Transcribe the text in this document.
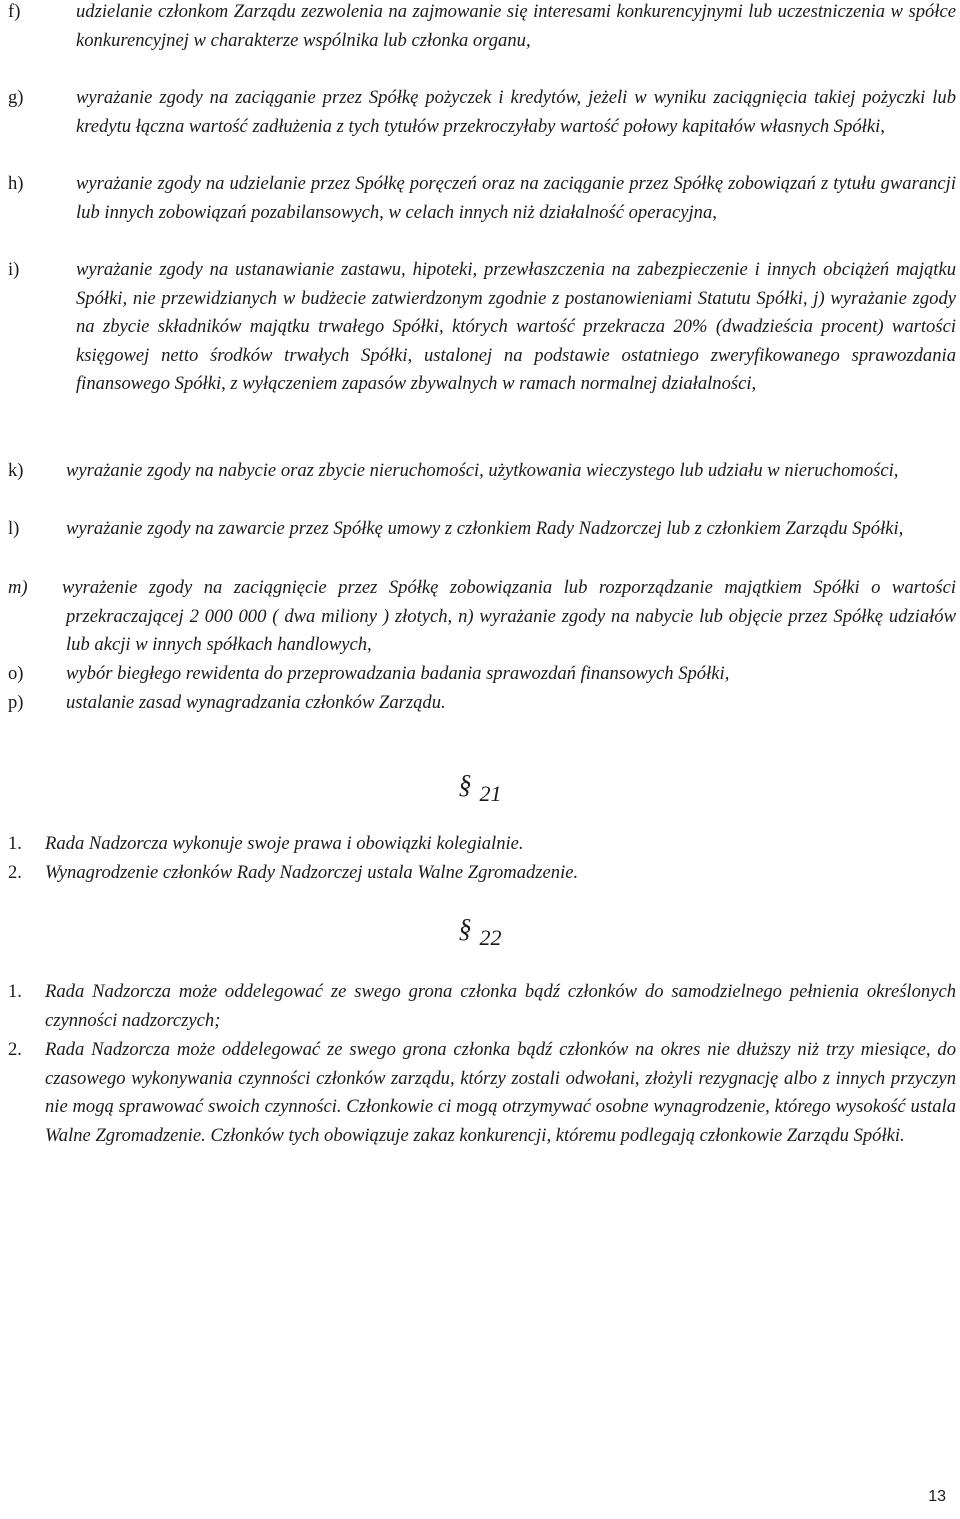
f)	udzielanie członkom Zarządu zezwolenia na zajmowanie się interesami konkurencyjnymi lub uczestniczenia w spółce konkurencyjnej w charakterze wspólnika lub członka organu,
g)	wyrażanie zgody na zaciąganie przez Spółkę pożyczek i kredytów, jeżeli w wyniku zaciągnięcia takiej pożyczki lub kredytu łączna wartość zadłużenia z tych tytułów przekroczyłaby wartość połowy kapitałów własnych Spółki,
h)	wyrażanie zgody na udzielanie przez Spółkę poręczeń oraz na zaciąganie przez Spółkę zobowiązań z tytułu gwarancji lub innych zobowiązań pozabilansowych, w celach innych niż działalność operacyjna,
i)	wyrażanie zgody na ustanawianie zastawu, hipoteki, przewłaszczenia na zabezpieczenie i innych obciążeń majątku Spółki, nie przewidzianych w budżecie zatwierdzonym zgodnie z postanowieniami Statutu Spółki, j) wyrażanie zgody na zbycie składników majątku trwałego Spółki, których wartość przekracza 20% (dwadzieścia procent) wartości księgowej netto środków trwałych Spółki, ustalonej na podstawie ostatniego zweryfikowanego sprawozdania finansowego Spółki, z wyłączeniem zapasów zbywalnych w ramach normalnej działalności,
k) wyrażanie zgody na nabycie oraz zbycie nieruchomości, użytkowania wieczystego lub udziału w nieruchomości,
l)	wyrażanie zgody na zawarcie przez Spółkę umowy z członkiem Rady Nadzorczej lub z członkiem Zarządu Spółki,
m) wyrażenie zgody na zaciągnięcie przez Spółkę zobowiązania lub rozporządzanie majątkiem Spółki o wartości przekraczającej 2 000 000 ( dwa miliony ) złotych, n) wyrażanie zgody na nabycie lub objęcie przez Spółkę udziałów lub akcji w innych spółkach handlowych,
o) wybór biegłego rewidenta do przeprowadzania badania sprawozdań finansowych Spółki,
p) ustalanie zasad wynagradzania członków Zarządu.
§ 21
1. Rada Nadzorcza wykonuje swoje prawa i obowiązki kolegialnie.
2. Wynagrodzenie członków Rady Nadzorczej ustala Walne Zgromadzenie.
§ 22
1. Rada Nadzorcza może oddelegować ze swego grona członka bądź członków do samodzielnego pełnienia określonych czynności nadzorczych;
2. Rada Nadzorcza może oddelegować ze swego grona członka bądź członków na okres nie dłuższy niż trzy miesiące, do czasowego wykonywania czynności członków zarządu, którzy zostali odwołani, złożyli rezygnację albo z innych przyczyn nie mogą sprawować swoich czynności. Członkowie ci mogą otrzymywać osobne wynagrodzenie, którego wysokość ustala Walne Zgromadzenie. Członków tych obowiązuje zakaz konkurencji, któremu podlegają członkowie Zarządu Spółki.
13
